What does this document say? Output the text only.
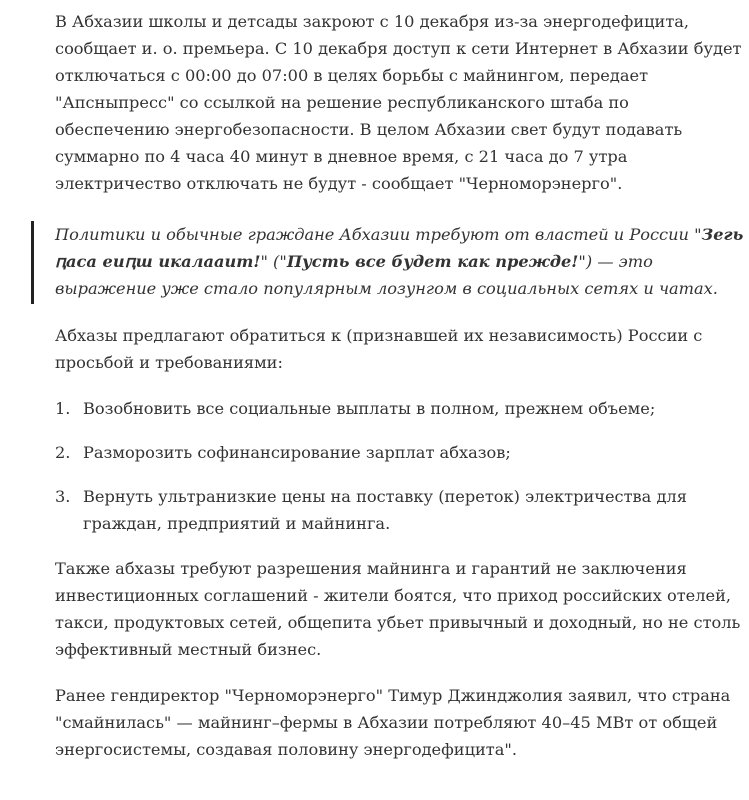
В Абхазии школы и детсады закроют с 10 декабря из-за энергодефицита, сообщает и. о. премьера. С 10 декабря доступ к сети Интернет в Абхазии будет отключаться с 00:00 до 07:00 в целях борьбы с майнингом, передает "Апсныпресс" со ссылкой на решение республиканского штаба по обеспечению энергобезопасности. В целом Абхазии свет будут подавать суммарно по 4 часа 40 минут в дневное время, с 21 часа до 7 утра электричество отключать не будут - сообщает "Черноморэнерго".

Политики и обычные граждане Абхазии требуют от властей и России "Зегь ԥаса еиԥш икалааит!" ("Пусть все будет как прежде!") — это выражение уже стало популярным лозунгом в социальных сетях и чатах.

Абхазы предлагают обратиться к (признавшей их независимость) России с просьбой и требованиями:

1. Возобновить все социальные выплаты в полном, прежнем объеме;
2. Разморозить софинансирование зарплат абхазов;
3. Вернуть ультранизкие цены на поставку (переток) электричества для граждан, предприятий и майнинга.

Также абхазы требуют разрешения майнинга и гарантий не заключения инвестиционных соглашений - жители боятся, что приход российских отелей, такси, продуктовых сетей, общепита убьет привычный и доходный, но не столь эффективный местный бизнес.

Ранее гендиректор "Черноморэнерго" Тимур Джинджолия заявил, что страна "смайнилась" — майнинг–фермы в Абхазии потребляют 40–45 МВт от общей энергосистемы, создавая половину энергодефицита".
